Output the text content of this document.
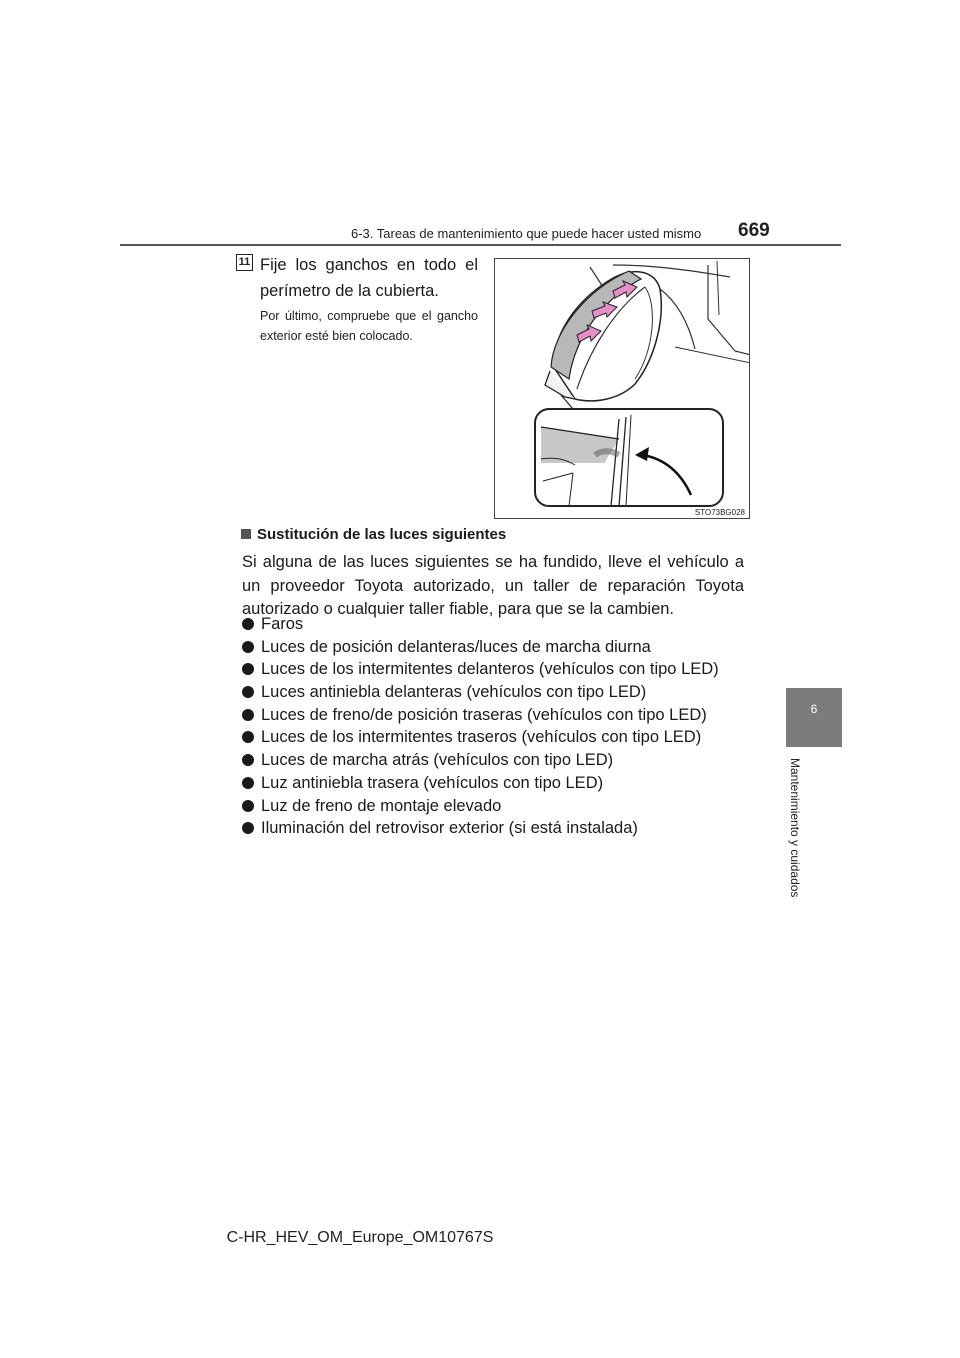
6-3. Tareas de mantenimiento que puede hacer usted mismo 669
6
Mantenimiento y cuidados
11 Fije los ganchos en todo el perímetro de la cubierta.
Por último, compruebe que el gancho exterior esté bien colocado.
STO73BG028
Sustitución de las luces siguientes
Si alguna de las luces siguientes se ha fundido, lleve el vehículo a un proveedor Toyota autorizado, un taller de reparación Toyota autorizado o cualquier taller fiable, para que se la cambien.
Faros
Luces de posición delanteras/luces de marcha diurna
Luces de los intermitentes delanteros (vehículos con tipo LED)
Luces antiniebla delanteras (vehículos con tipo LED)
Luces de freno/de posición traseras (vehículos con tipo LED)
Luces de los intermitentes traseros (vehículos con tipo LED)
Luces de marcha atrás (vehículos con tipo LED)
Luz antiniebla trasera (vehículos con tipo LED)
Luz de freno de montaje elevado
Iluminación del retrovisor exterior (si está instalada)
C-HR_HEV_OM_Europe_OM10767S
